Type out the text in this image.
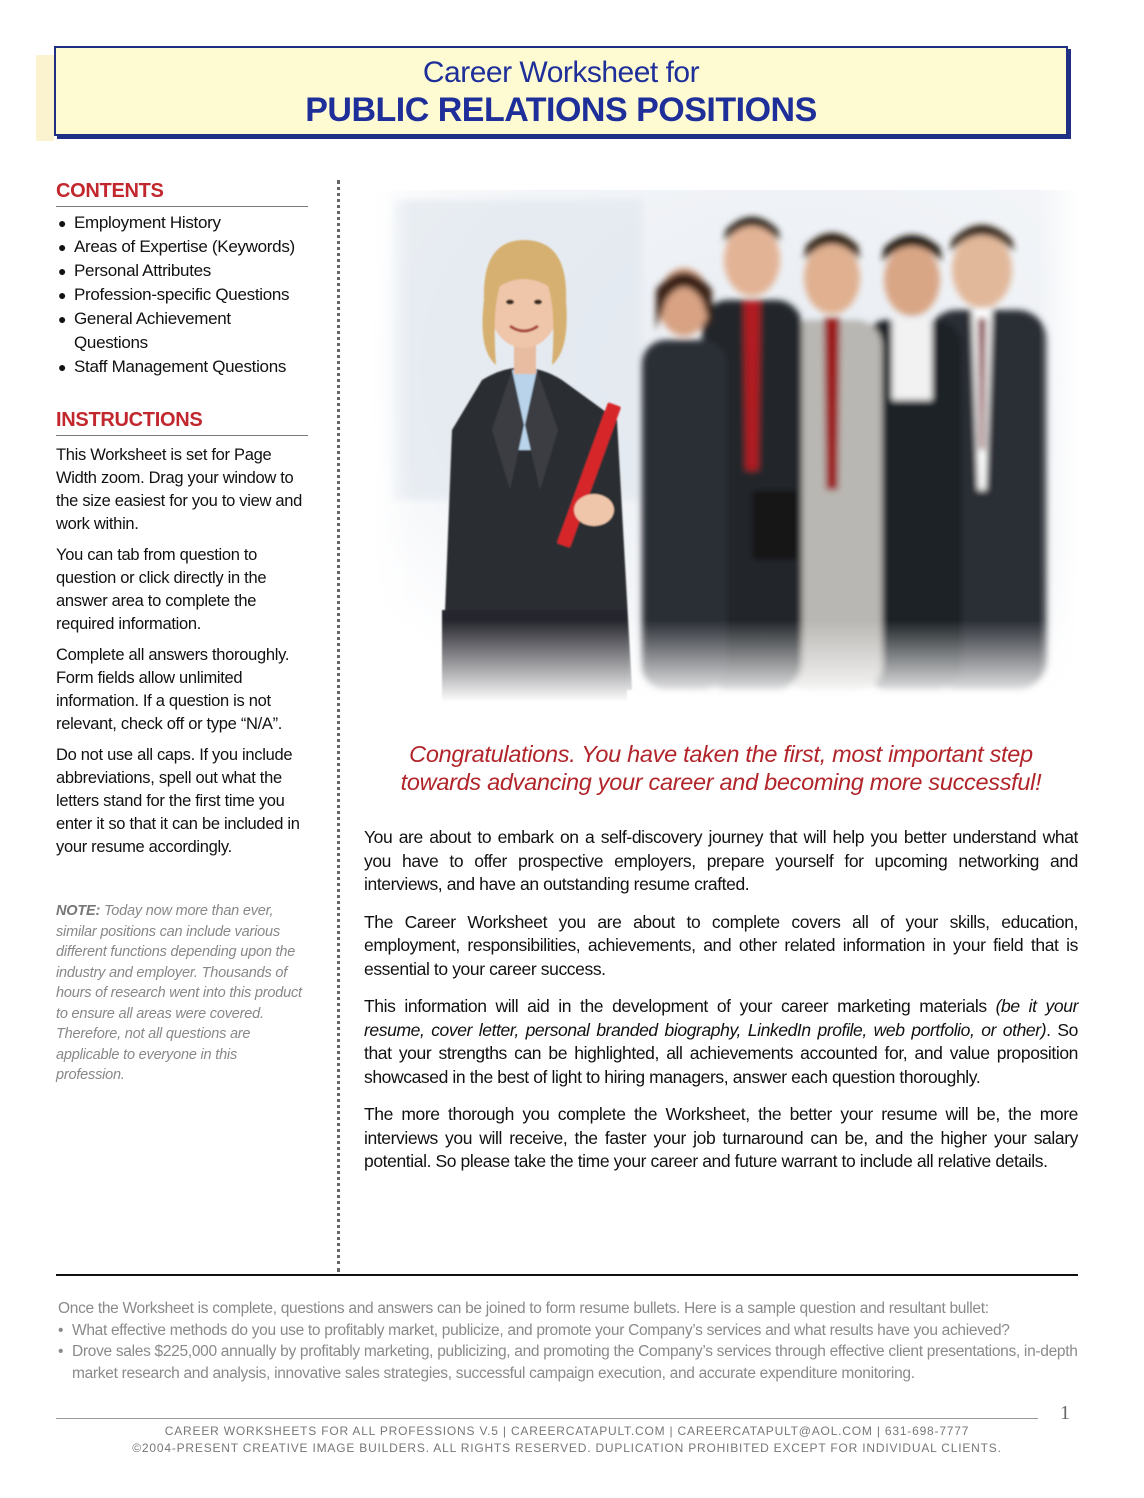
Career Worksheet for
PUBLIC RELATIONS POSITIONS
CONTENTS
● Employment History
● Areas of Expertise (Keywords)
● Personal Attributes
● Profession-specific Questions
● General Achievement Questions
● Staff Management Questions
INSTRUCTIONS

This Worksheet is set for Page Width zoom. Drag your window to the size easiest for you to view and work within.

You can tab from question to question or click directly in the answer area to complete the required information.

Complete all answers thoroughly. Form fields allow unlimited information. If a question is not relevant, check off or type “N/A”.

Do not use all caps. If you include abbreviations, spell out what the letters stand for the first time you enter it so that it can be included in your resume accordingly.

NOTE: Today now more than ever, similar positions can include various different functions depending upon the industry and employer. Thousands of hours of research went into this product to ensure all areas were covered. Therefore, not all questions are applicable to everyone in this profession.
Congratulations. You have taken the first, most important step
towards advancing your career and becoming more successful!

You are about to embark on a self-discovery journey that will help you better understand what you have to offer prospective employers, prepare yourself for upcoming networking and interviews, and have an outstanding resume crafted.

The Career Worksheet you are about to complete covers all of your skills, education, employment, responsibilities, achievements, and other related information in your field that is essential to your career success.

This information will aid in the development of your career marketing materials (be it your resume, cover letter, personal branded biography, LinkedIn profile, web portfolio, or other). So that your strengths can be highlighted, all achievements accounted for, and value proposition showcased in the best of light to hiring managers, answer each question thoroughly.

The more thorough you complete the Worksheet, the better your resume will be, the more interviews you will receive, the faster your job turnaround can be, and the higher your salary potential. So please take the time your career and future warrant to include all relative details.

Once the Worksheet is complete, questions and answers can be joined to form resume bullets. Here is a sample question and resultant bullet:
• What effective methods do you use to profitably market, publicize, and promote your Company’s services and what results have you achieved?
• Drove sales $225,000 annually by profitably marketing, publicizing, and promoting the Company’s services through effective client presentations, in-depth market research and analysis, innovative sales strategies, successful campaign execution, and accurate expenditure monitoring.
1
CAREER WORKSHEETS FOR ALL PROFESSIONS V.5 | CAREERCATAPULT.COM | CAREERCATAPULT@AOL.COM | 631-698-7777
©2004-PRESENT CREATIVE IMAGE BUILDERS. ALL RIGHTS RESERVED. DUPLICATION PROHIBITED EXCEPT FOR INDIVIDUAL CLIENTS.
